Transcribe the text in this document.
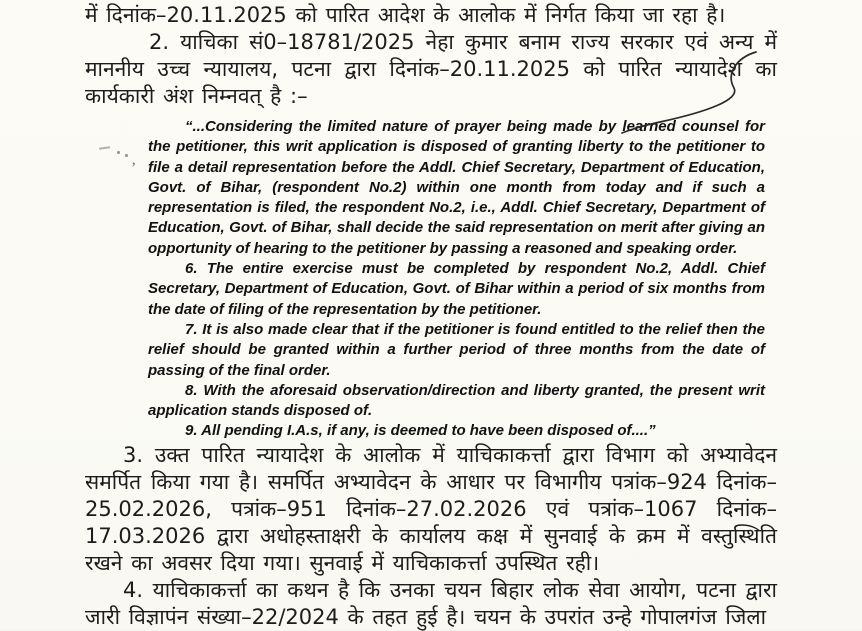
में दिनांक–20.11.2025 को पारित आदेश के आलोक में निर्गत किया जा रहा है।

2. याचिका सं0–18781/2025 नेहा कुमार बनाम राज्य सरकार एवं अन्य में माननीय उच्च न्यायालय, पटना द्वारा दिनांक–20.11.2025 को पारित न्यायादेश का कार्यकारी अंश निम्नवत् है :–

“...Considering the limited nature of prayer being made by learned counsel for the petitioner, this writ application is disposed of granting liberty to the petitioner to file a detail representation before the Addl. Chief Secretary, Department of Education, Govt. of Bihar, (respondent No.2) within one month from today and if such a representation is filed, the respondent No.2, i.e., Addl. Chief Secretary, Department of Education, Govt. of Bihar, shall decide the said representation on merit after giving an opportunity of hearing to the petitioner by passing a reasoned and speaking order.

6. The entire exercise must be completed by respondent No.2, Addl. Chief Secretary, Department of Education, Govt. of Bihar within a period of six months from the date of filing of the representation by the petitioner.

7. It is also made clear that if the petitioner is found entitled to the relief then the relief should be granted within a further period of three months from the date of passing of the final order.

8. With the aforesaid observation/direction and liberty granted, the present writ application stands disposed of.

9. All pending I.A.s, if any, is deemed to have been disposed of....”

3. उक्त पारित न्यायादेश के आलोक में याचिकाकर्त्ता द्वारा विभाग को अभ्यावेदन समर्पित किया गया है। समर्पित अभ्यावेदन के आधार पर विभागीय पत्रांक–924 दिनांक–25.02.2026, पत्रांक–951 दिनांक–27.02.2026 एवं पत्रांक–1067 दिनांक–17.03.2026 द्वारा अधोहस्ताक्षरी के कार्यालय कक्ष में सुनवाई के क्रम में वस्तुस्थिति रखने का अवसर दिया गया। सुनवाई में याचिकाकर्त्ता उपस्थित रही।

4. याचिकाकर्त्ता का कथन है कि उनका चयन बिहार लोक सेवा आयोग, पटना द्वारा जारी विज्ञापंन संख्या–22/2024 के तहत हुई है। चयन के उपरांत उन्हे गोपालगंज जिला

’
